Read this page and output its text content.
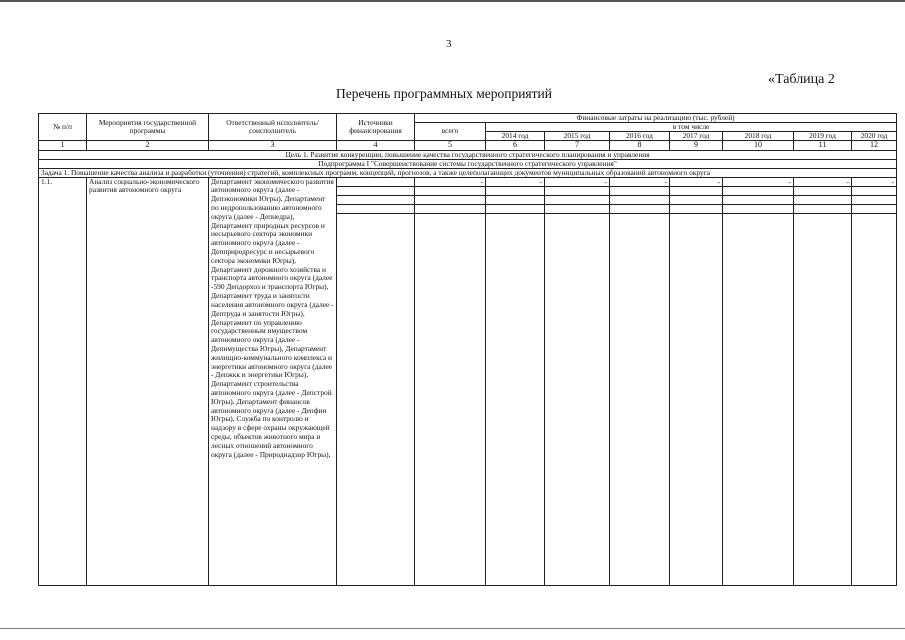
3
«Таблица 2
Перечень программных мероприятий
№ п/п	Мероприятия государственной программы	Ответственный исполнитель/соисполнитель	Источники финансирования	Финансовые затраты на реализацию (тыс. рублей)							
				всего	в том числе						
					2014 год	2015 год	2016 год	2017 год	2018 год	2019 год	2020 год
1	2	3	4	5	6	7	8	9	10	11	12
Цель 1. Развитие конкуренции, повышение качества государственного стратегического планирования и управления											
Подпрограмма I "Совершенствование системы государственного стратегического управления"											
Задача 1. Повышение качества анализа и разработки (уточнения) стратегий, комплексных программ, концепций, прогнозов, а также целеполагающих документов муниципальных образований автономного округа											
1.1.	Анализ социально-экономического развития автономного округа	Департамент экономического развития автономного округа (далее - Депэкономики Югры), Департамент по недропользованию автономного округа (далее - Депнедра), Департамент природных ресурсов и несырьевого сектора экономики автономного округа (далее - Депприродресурс и несырьевого сектора экономики Югры), Департамент дорожного хозяйства и транспорта автономного округа (далее -590 Депдорхоз и транспорта Югры), Департамент труда и занятости населения автономного округа (далее - Дептруда и занятости Югры), Департамент по управлению государственным имуществом автономного округа (далее - Депимущества Югры), Департамент жилищно-коммунального комплекса и энергетики автономного округа (далее - Депжкк и энергетики Югры), Департамент строительства автономного округа (далее - Депстрой Югры), Департамент финансов автономного округа (далее - Депфин Югры), Служба по контролю и надзору в сфере охраны окружающей среды, объектов животного мира и лесных отношений автономного округа (далее - Природнадзор Югры),		-	-	-	-	-	-	-	-
